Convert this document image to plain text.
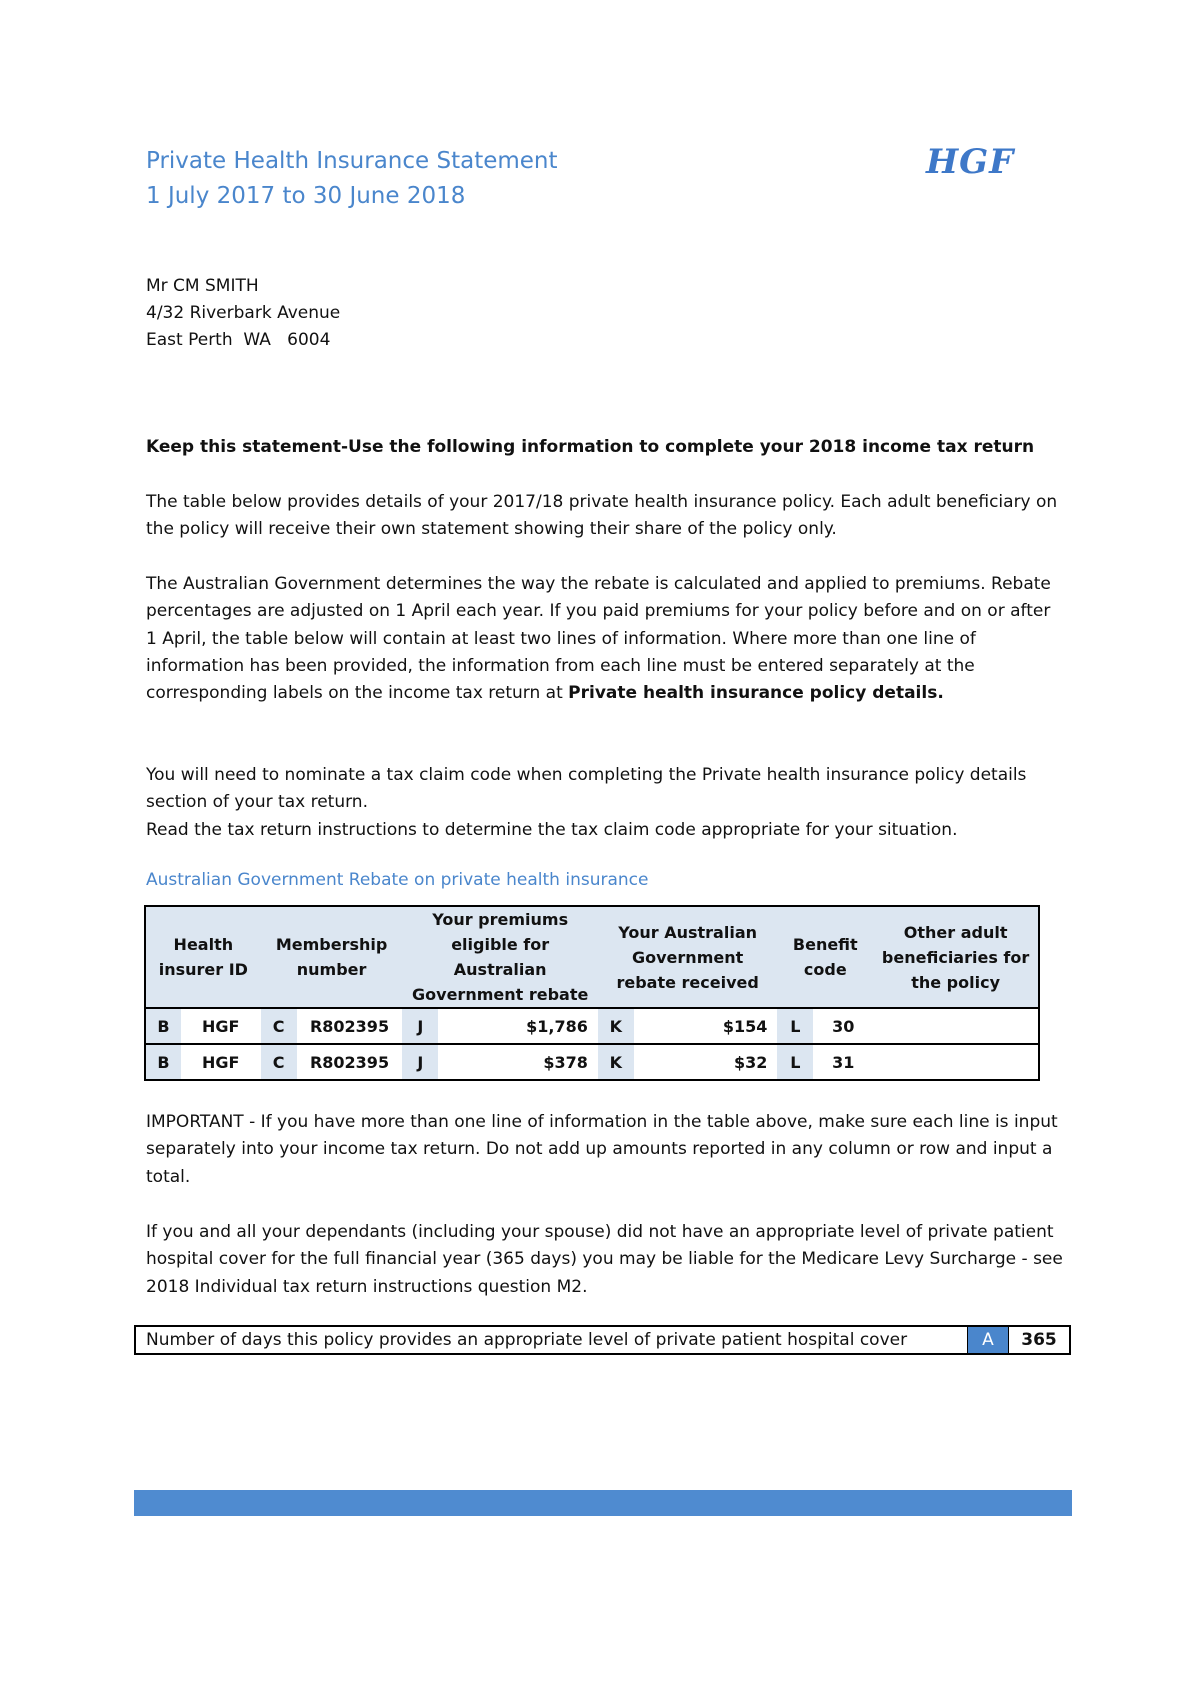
Private Health Insurance Statement
1 July 2017 to 30 June 2018
HGF
Mr CM SMITH
4/32 Riverbark Avenue
East Perth  WA   6004
Keep this statement-Use the following information to complete your 2018 income tax return
The table below provides details of your 2017/18 private health insurance policy. Each adult beneficiary on the policy will receive their own statement showing their share of the policy only.
The Australian Government determines the way the rebate is calculated and applied to premiums. Rebate percentages are adjusted on 1 April each year. If you paid premiums for your policy before and on or after 1 April, the table below will contain at least two lines of information. Where more than one line of information has been provided, the information from each line must be entered separately at the corresponding labels on the income tax return at Private health insurance policy details.
You will need to nominate a tax claim code when completing the Private health insurance policy details section of your tax return.
Read the tax return instructions to determine the tax claim code appropriate for your situation.
Australian Government Rebate on private health insurance
Health insurer ID		Membership number		Your premiums eligible for Australian Government rebate		Your Australian Government rebate received		Benefit code		Other adult beneficiaries for the policy
B	HGF	C	R802395	J	$1,786	K	$154	L	30	
B	HGF	C	R802395	J	$378	K	$32	L	31	
IMPORTANT - If you have more than one line of information in the table above, make sure each line is input separately into your income tax return. Do not add up amounts reported in any column or row and input a total.
If you and all your dependants (including your spouse) did not have an appropriate level of private patient hospital cover for the full financial year (365 days) you may be liable for the Medicare Levy Surcharge - see 2018 Individual tax return instructions question M2.
Number of days this policy provides an appropriate level of private patient hospital cover	A	365
